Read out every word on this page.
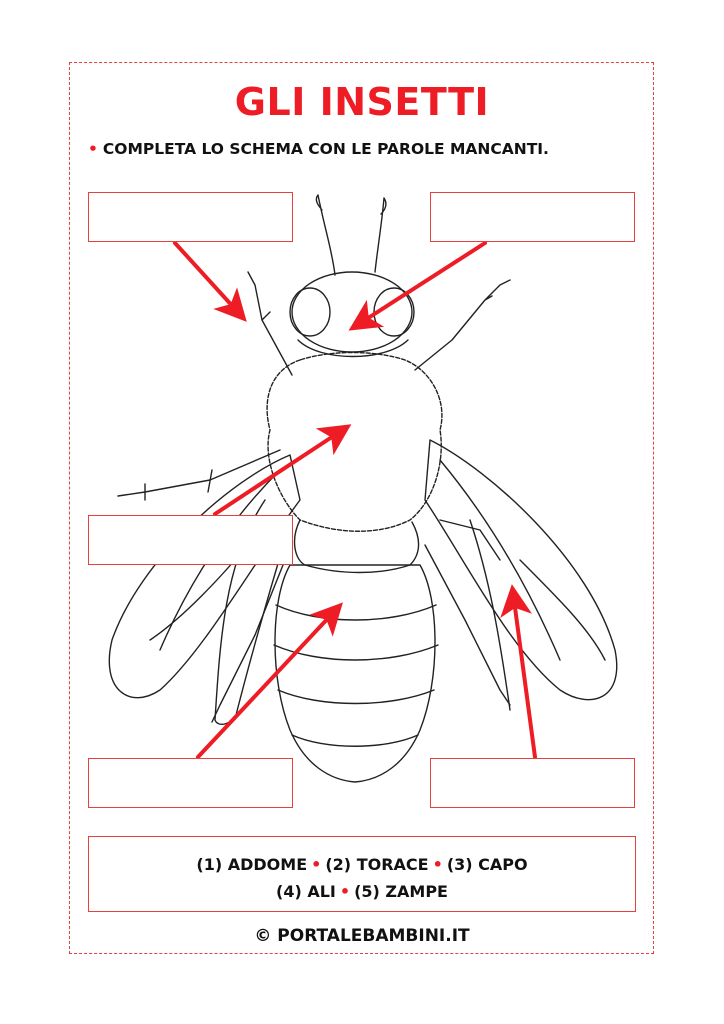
GLI INSETTI
• COMPLETA LO SCHEMA CON LE PAROLE MANCANTI.
(1) ADDOME • (2) TORACE • (3) CAPO
(4) ALI • (5) ZAMPE
© PORTALEBAMBINI.IT
